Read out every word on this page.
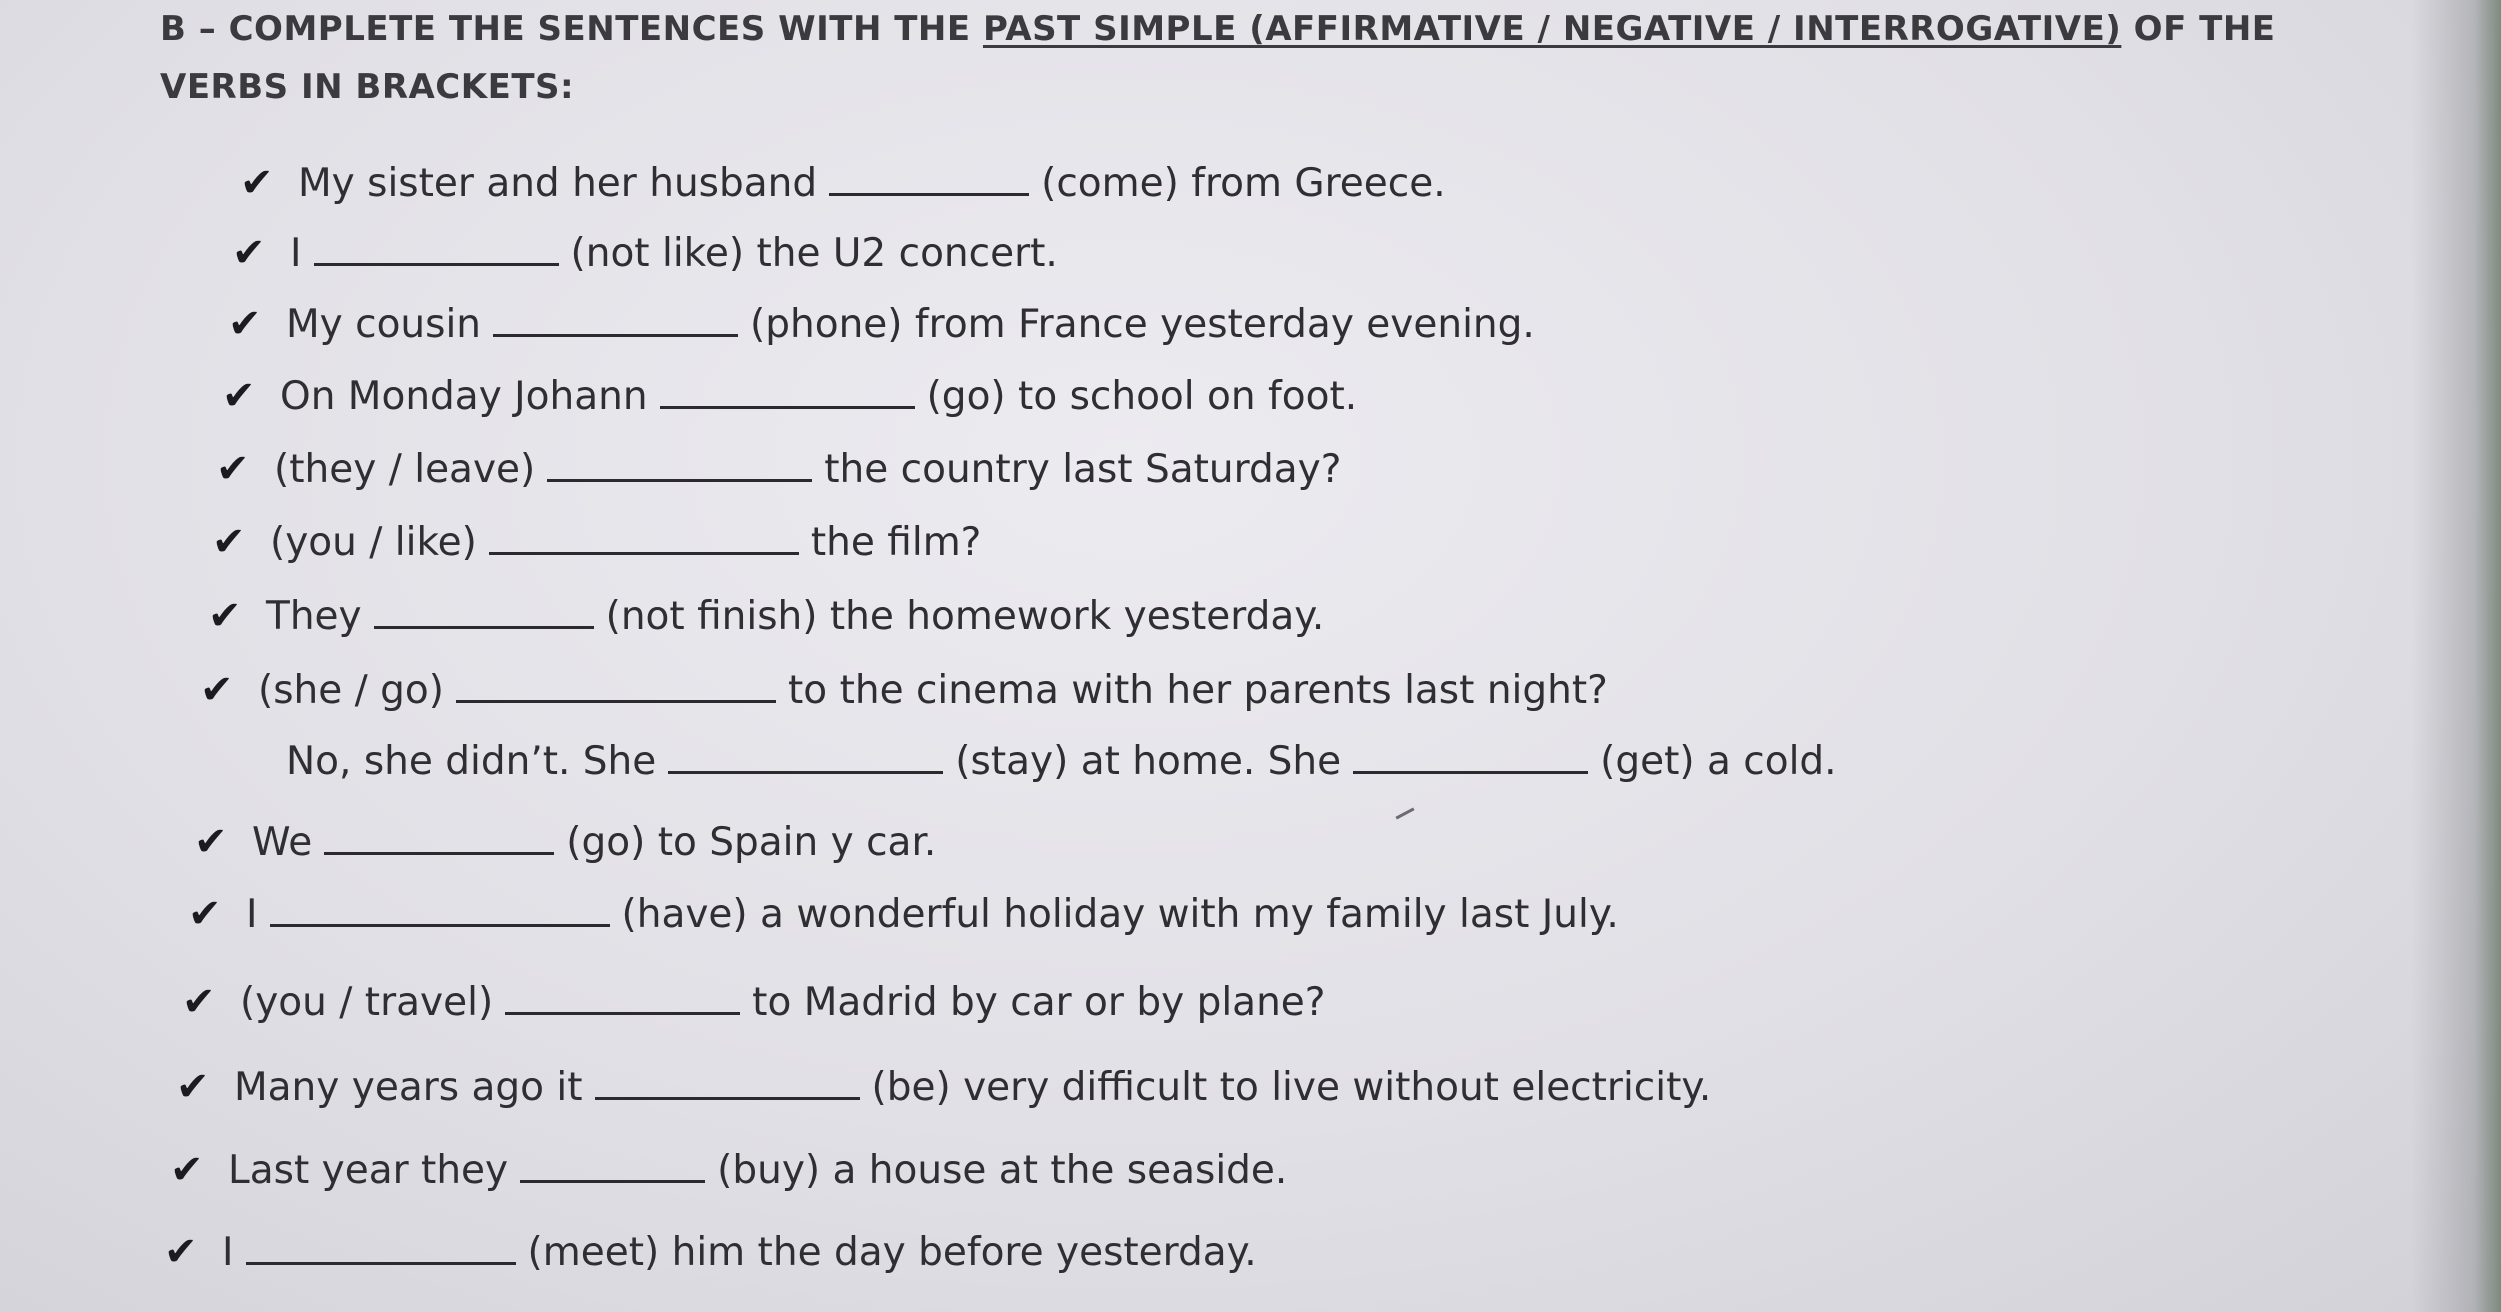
B – COMPLETE THE SENTENCES WITH THE PAST SIMPLE (AFFIRMATIVE / NEGATIVE / INTERROGATIVE) OF THE
VERBS IN BRACKETS:
✔ My sister and her husband	(come) from Greece.
✔ I	(not like) the U2 concert.
✔ My cousin	(phone) from France yesterday evening.
✔ On Monday Johann	(go) to school on foot.
✔ (they / leave)	the country last Saturday?
✔ (you / like)	the film?
✔ They	(not finish) the homework yesterday.
✔ (she / go)	to the cinema with her parents last night?
No, she didn’t. She	(stay) at home. She	(get) a cold.
✔ We	(go) to Spain y car.
✔ I	(have) a wonderful holiday with my family last July.
✔ (you / travel)	to Madrid by car or by plane?
✔ Many years ago it	(be) very difficult to live without electricity.
✔ Last year they	(buy) a house at the seaside.
✔ I	(meet) him the day before yesterday.
